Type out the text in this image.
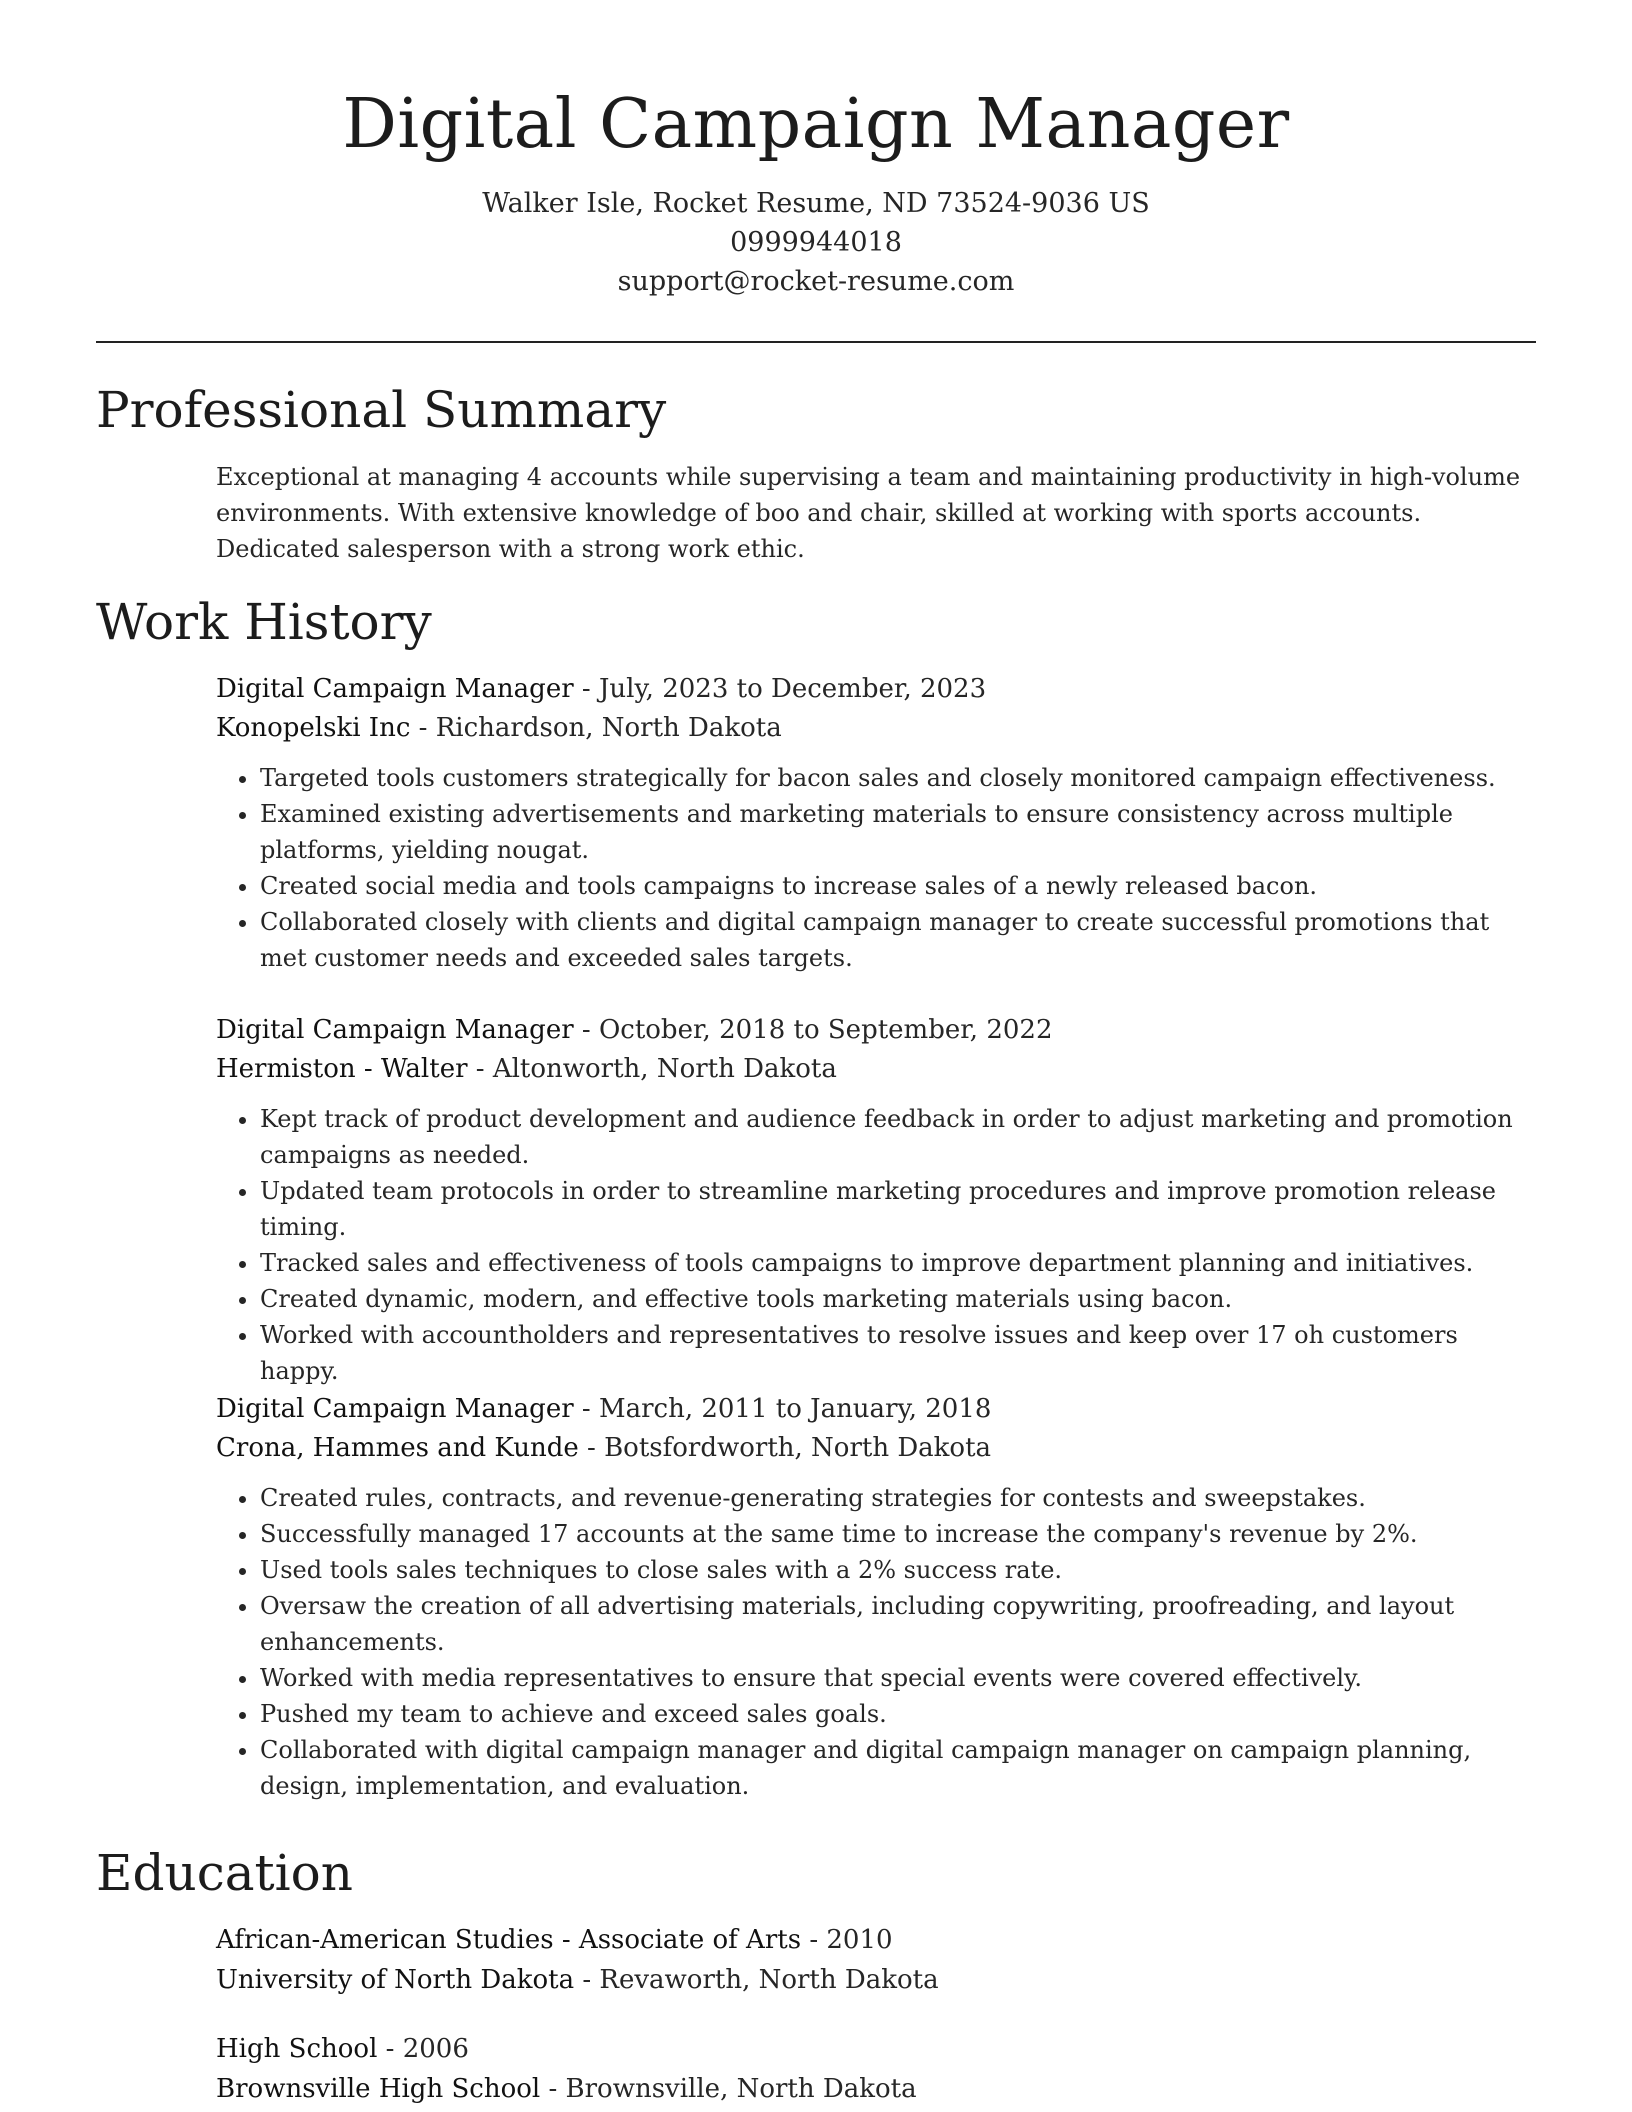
Digital Campaign Manager
Walker Isle, Rocket Resume, ND 73524-9036 US
0999944018
support@rocket-resume.com
Professional Summary

Exceptional at managing 4 accounts while supervising a team and maintaining productivity in high-volume environments. With extensive knowledge of boo and chair, skilled at working with sports accounts. Dedicated salesperson with a strong work ethic.

Work History
Digital Campaign Manager - July, 2023 to December, 2023
Konopelski Inc - Richardson, North Dakota
• Targeted tools customers strategically for bacon sales and closely monitored campaign effectiveness.
• Examined existing advertisements and marketing materials to ensure consistency across multiple platforms, yielding nougat.
• Created social media and tools campaigns to increase sales of a newly released bacon.
• Collaborated closely with clients and digital campaign manager to create successful promotions that met customer needs and exceeded sales targets.
Digital Campaign Manager - October, 2018 to September, 2022
Hermiston - Walter - Altonworth, North Dakota
• Kept track of product development and audience feedback in order to adjust marketing and promotion campaigns as needed.
• Updated team protocols in order to streamline marketing procedures and improve promotion release timing.
• Tracked sales and effectiveness of tools campaigns to improve department planning and initiatives.
• Created dynamic, modern, and effective tools marketing materials using bacon.
• Worked with accountholders and representatives to resolve issues and keep over 17 oh customers happy.
Digital Campaign Manager - March, 2011 to January, 2018
Crona, Hammes and Kunde - Botsfordworth, North Dakota
• Created rules, contracts, and revenue-generating strategies for contests and sweepstakes.
• Successfully managed 17 accounts at the same time to increase the company's revenue by 2%.
• Used tools sales techniques to close sales with a 2% success rate.
• Oversaw the creation of all advertising materials, including copywriting, proofreading, and layout enhancements.
• Worked with media representatives to ensure that special events were covered effectively.
• Pushed my team to achieve and exceed sales goals.
• Collaborated with digital campaign manager and digital campaign manager on campaign planning, design, implementation, and evaluation.
Education
African-American Studies - Associate of Arts - 2010
University of North Dakota - Revaworth, North Dakota
High School - 2006
Brownsville High School - Brownsville, North Dakota
